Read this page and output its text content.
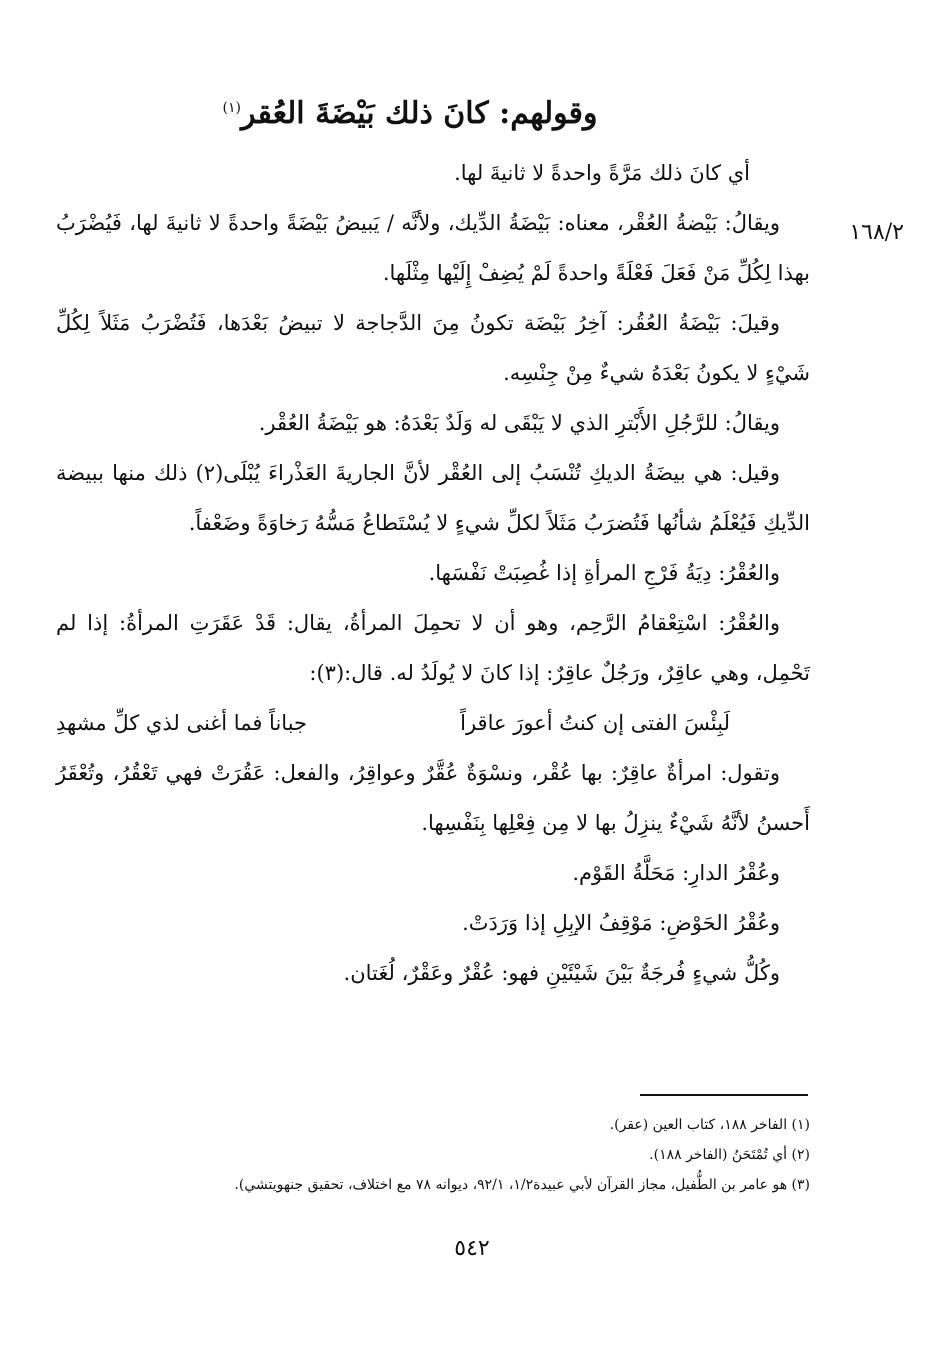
وقولهم: كانَ ذلك بَيْضَةَ العُقر$^{(١)}$
١٦٨/٢

أي كانَ ذلك مَرَّةً واحدةً لا ثانيةَ لها.

ويقالُ: بَيْضةُ العُقْر، معناه: بَيْضَةُ الدِّيك، ولأنَّه / يَبيضُ بَيْضَةً واحدةً لا ثانيةَ لها، فَيُضْرَبُ بهذا لِكُلِّ مَنْ فَعَلَ فَعْلَةً واحدةً لَمْ يُضِفْ إِلَيْها مِثْلَها.

وقيلَ: بَيْضَةُ العُقُر: آخِرُ بَيْضَة تكونُ مِنَ الدَّجاجة لا تبيضُ بَعْدَها، فَتُضْرَبُ مَثَلاً لِكُلِّ شَيْءٍ لا يكونُ بَعْدَهُ شيءٌ مِنْ جِنْسِه.

ويقالُ: للرَّجُلِ الأَبْترِ الذي لا يَبْقَى له وَلَدٌ بَعْدَهُ: هو بَيْضَةُ العُقْر.

وقيل: هي بيضَةُ الديكِ تُنْسَبُ إلى العُقْر لأنَّ الجاريةَ العَذْراءَ يُبْلَى(٢) ذلك منها ببيضة الدِّيكِ فَيُعْلَمُ شأنُها فَتُضرَبُ مَثَلاً لكلِّ شيءٍ لا يُسْتَطاعُ مَسُّهُ رَخاوَةً وضَعْفاً.

والعُقْرُ: دِيَةُ فَرْجِ المرأةِ إذا غُصِبَتْ نَفْسَها.

والعُقْرُ: اسْتِعْقامُ الرَّحِم، وهو أن لا تحمِلَ المرأةُ، يقال: قَدْ عَقَرَتِ المرأةُ: إذا لم تَحْمِل، وهي عاقِرٌ، ورَجُلٌ عاقِرٌ: إذا كانَ لا يُولَدُ له. قال:(٣):

لَبِئْسَ الفتى إن كنتُ أعورَ عاقراً
جباناً فما أغنى لذي كلِّ مشهدِ

وتقول: امرأةٌ عاقِرٌ: بها عُقْر، ونسْوَةٌ عُقَّرٌ وعواقِرُ، والفعل: عَقُرَتْ فهي تَعْقُرُ، وتُعْقَرُ أَحسنُ لأنَّهُ شَيْءٌ ينزِلُ بها لا مِن فِعْلِها بِنَفْسِها.

وعُقْرُ الدارِ: مَحَلَّةُ القَوْم.

وعُقْرُ الحَوْضِ: مَوْقِفُ الإبِلِ إذا وَرَدَتْ.

وكُلُّ شيءٍ فُرجَةٌ بَيْنَ شَيْئَيْنِ فهو: عُقْرٌ وعَقْرٌ، لُغَتان.

(١) الفاخر ١٨٨، كتاب العين (عقر).
(٢) أي تُمْتَحَنُ (الفاخر ١٨٨).
(٣) هو عامر بن الطُّفيل، مجاز القرآن لأبي عبيدة١/٢، ٩٢/١، ديوانه ٧٨ مع اختلاف، تحقيق جنهويتشي).
٥٤٢
